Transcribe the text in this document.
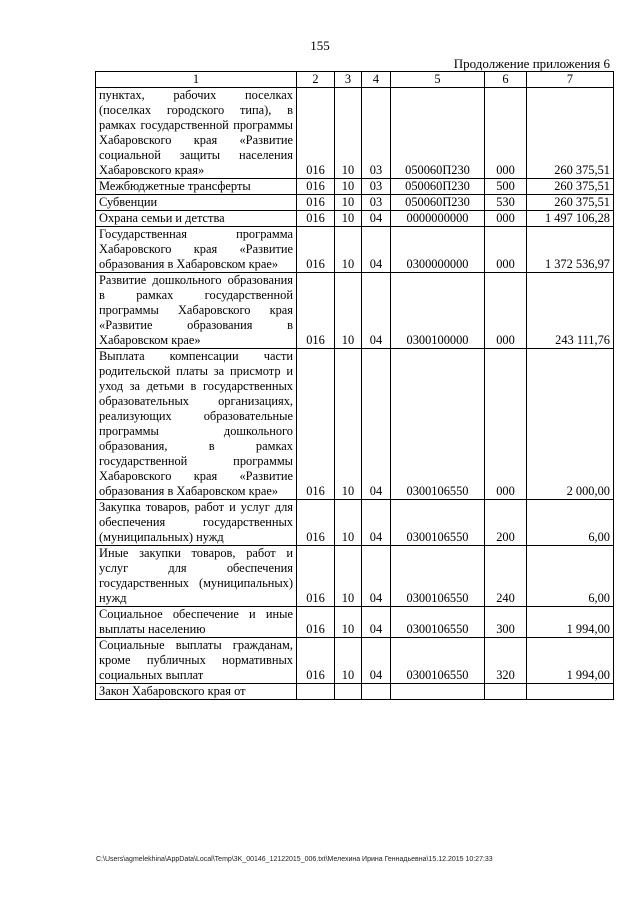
155
Продолжение приложения 6
1	2	3	4	5	6	7
пунктах, рабочих поселках (поселках городского типа), в рамках государственной программы Хабаровского края «Развитие социальной защиты населения Хабаровского края»	016	10	03	050060П230	000	260 375,51
Межбюджетные трансферты	016	10	03	050060П230	500	260 375,51
Субвенции	016	10	03	050060П230	530	260 375,51
Охрана семьи и детства	016	10	04	0000000000	000	1 497 106,28
Государственная программа Хабаровского края «Развитие образования в Хабаровском крае»	016	10	04	0300000000	000	1 372 536,97
Развитие дошкольного образования в рамках государственной программы Хабаровского края «Развитие образования в Хабаровском крае»	016	10	04	0300100000	000	243 111,76
Выплата компенсации части родительской платы за присмотр и уход за детьми в государственных образовательных организациях, реализующих образовательные программы дошкольного образования, в рамках государственной программы Хабаровского края «Развитие образования в Хабаровском крае»	016	10	04	0300106550	000	2 000,00
Закупка товаров, работ и услуг для обеспечения государственных (муниципальных) нужд	016	10	04	0300106550	200	6,00
Иные закупки товаров, работ и услуг для обеспечения государственных (муниципальных) нужд	016	10	04	0300106550	240	6,00
Социальное обеспечение и иные выплаты населению	016	10	04	0300106550	300	1 994,00
Социальные выплаты гражданам, кроме публичных нормативных социальных выплат	016	10	04	0300106550	320	1 994,00
Закон Хабаровского края от						
C:\Users\agmelekhina\AppData\Local\Temp\3K_00146_12122015_006.txt\Мелехина Ирина Геннадьевна\15.12.2015 10:27:33
